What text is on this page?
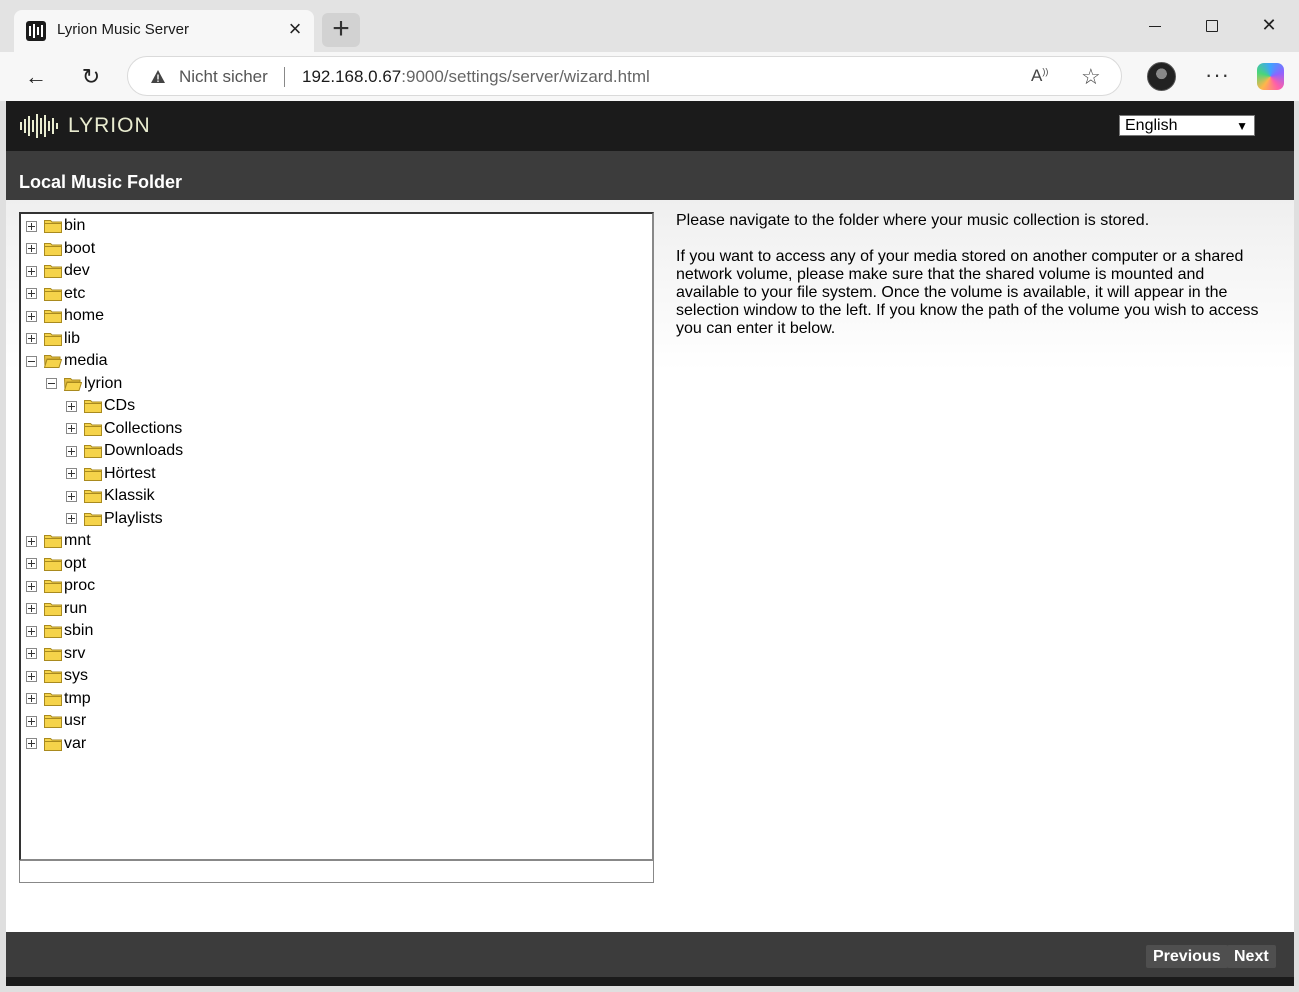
Lyrion Music Server	×	+	✕
←	↻	Nicht sicher 192.168.0.67:9000/settings/server/wizard.html	A)) ☆	···
LYRION	English	▼
Local Music Folder
bin
boot
dev
etc
home
lib
media
lyrion
CDs
Collections
Downloads
Hörtest
Klassik
Playlists
mnt
opt
proc
run
sbin
srv
sys
tmp
usr
var

Please navigate to the folder where your music collection is stored.

If you want to access any of your media stored on another computer or a shared network volume, please make sure that the shared volume is mounted and available to your file system. Once the volume is available, it will appear in the selection window to the left. If you know the path of the volume you wish to access you can enter it below.

Previous Next
